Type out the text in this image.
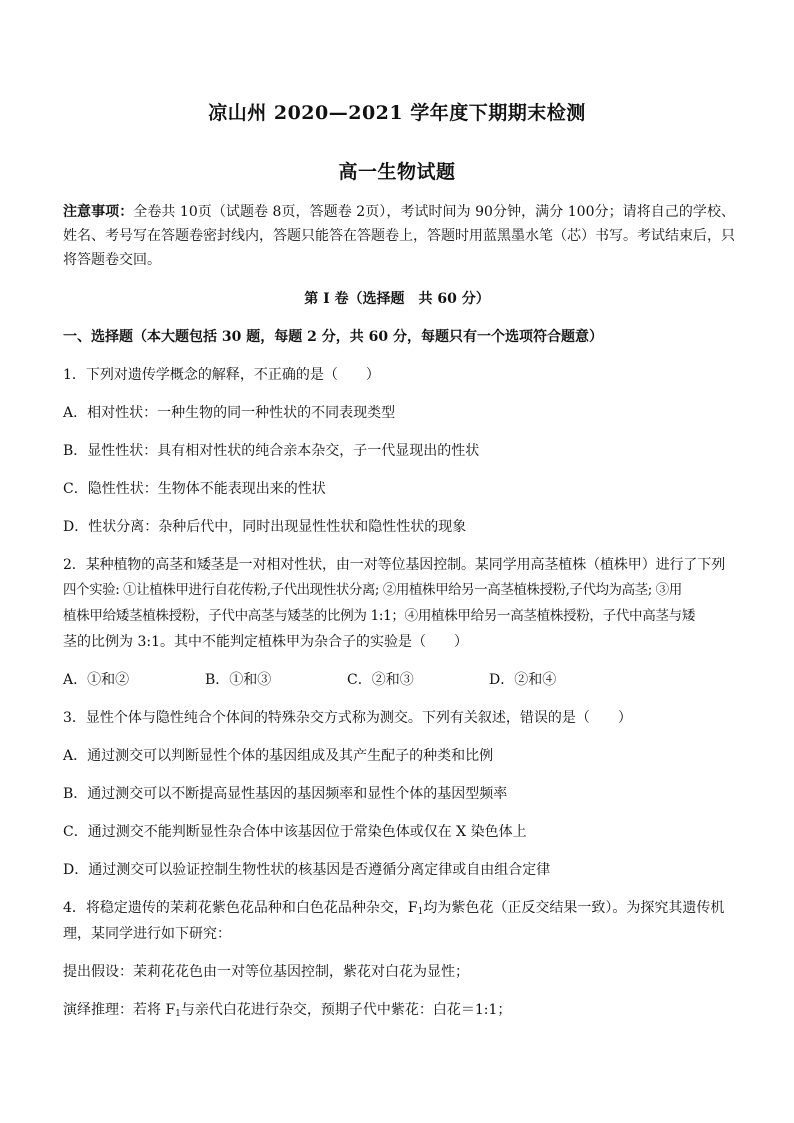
凉山州 2020—2021 学年度下期期末检测
高一生物试题
注意事项：全卷共 10页（试题卷 8页，答题卷 2页），考试时间为 90分钟，满分 100分；请将自己的学校、姓名、考号写在答题卷密封线内，答题只能答在答题卷上，答题时用蓝黑墨水笔（芯）书写。考试结束后，只将答题卷交回。
第 I 卷（选择题　共 60 分）
一、选择题（本大题包括 30 题，每题 2 分，共 60 分，每题只有一个选项符合题意）
1．下列对遗传学概念的解释，不正确的是（　　）
A．相对性状：一种生物的同一种性状的不同表现类型
B．显性性状：具有相对性状的纯合亲本杂交，子一代显现出的性状
C．隐性性状：生物体不能表现出来的性状
D．性状分离：杂种后代中，同时出现显性性状和隐性性状的现象
2．某种植物的高茎和矮茎是一对相对性状，由一对等位基因控制。某同学用高茎植株（植株甲）进行了下列
四个实验: ①让植株甲进行自花传粉,子代出现性状分离; ②用植株甲给另一高茎植株授粉,子代均为高茎; ③用
植株甲给矮茎植株授粉，子代中高茎与矮茎的比例为 1:1；④用植株甲给另一高茎植株授粉，子代中高茎与矮
茎的比例为 3:1。其中不能判定植株甲为杂合子的实验是（　　）
A．①和②	B．①和③	C．②和③	D．②和④
3．显性个体与隐性纯合个体间的特殊杂交方式称为测交。下列有关叙述，错误的是（　　）
A．通过测交可以判断显性个体的基因组成及其产生配子的种类和比例
B．通过测交可以不断提高显性基因的基因频率和显性个体的基因型频率
C．通过测交不能判断显性杂合体中该基因位于常染色体或仅在 X 染色体上
D．通过测交可以验证控制生物性状的核基因是否遵循分离定律或自由组合定律
4．将稳定遗传的茉莉花紫色花品种和白色花品种杂交，$F_1$均为紫色花（正反交结果一致）。为探究其遗传机
理，某同学进行如下研究：
提出假设：茉莉花花色由一对等位基因控制，紫花对白花为显性；
演绎推理：若将 $F_1$与亲代白花进行杂交，预期子代中紫花：白花＝1:1；
